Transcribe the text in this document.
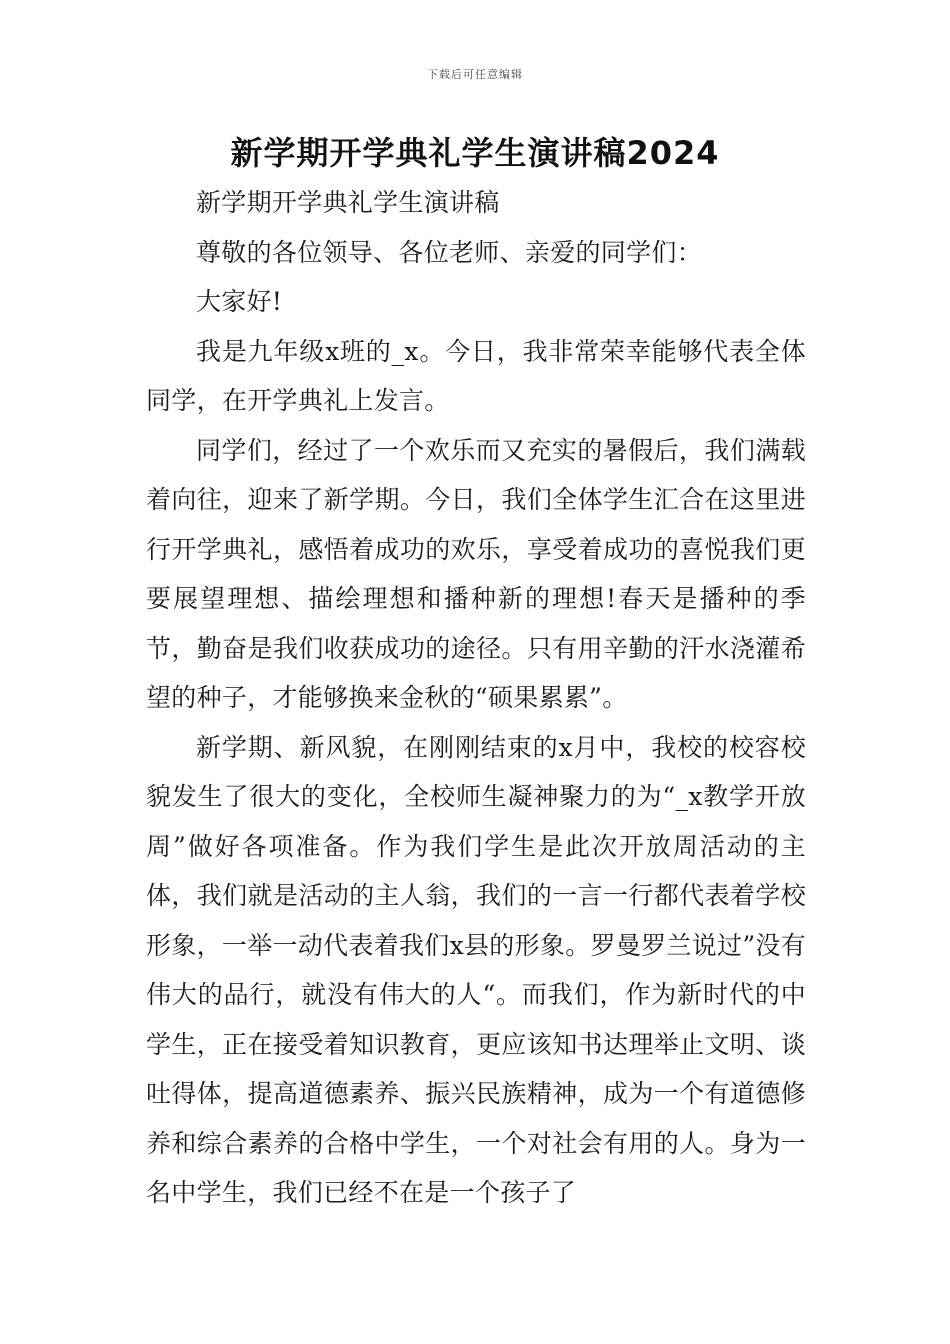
下载后可任意编辑
新学期开学典礼学生演讲稿2024

新学期开学典礼学生演讲稿

尊敬的各位领导、各位老师、亲爱的同学们：

大家好!

我是九年级x班的_x。今日，我非常荣幸能够代表全体同学，在开学典礼上发言。

同学们，经过了一个欢乐而又充实的暑假后，我们满载着向往，迎来了新学期。今日，我们全体学生汇合在这里进行开学典礼，感悟着成功的欢乐，享受着成功的喜悦我们更要展望理想、描绘理想和播种新的理想!春天是播种的季节，勤奋是我们收获成功的途径。只有用辛勤的汗水浇灌希望的种子，才能够换来金秋的“硕果累累”。

新学期、新风貌，在刚刚结束的x月中，我校的校容校貌发生了很大的变化，全校师生凝神聚力的为“_x教学开放周”做好各项准备。作为我们学生是此次开放周活动的主体，我们就是活动的主人翁，我们的一言一行都代表着学校形象，一举一动代表着我们x县的形象。罗曼罗兰说过”没有伟大的品行，就没有伟大的人“。而我们，作为新时代的中学生，正在接受着知识教育，更应该知书达理举止文明、谈吐得体，提高道德素养、振兴民族精神，成为一个有道德修养和综合素养的合格中学生，一个对社会有用的人。身为一名中学生，我们已经不在是一个孩子了
